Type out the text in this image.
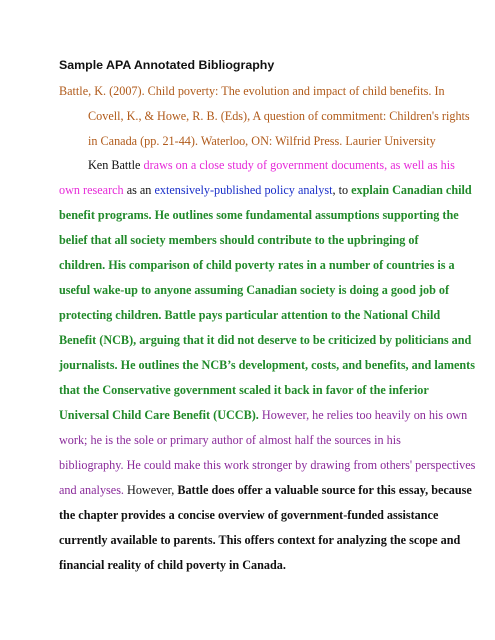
Sample APA Annotated Bibliography
Battle, K. (2007). Child poverty: The evolution and impact of child benefits. In
Covell, K., & Howe, R. B. (Eds), A question of commitment: Children's rights
in Canada (pp. 21-44). Waterloo, ON: Wilfrid Press. Laurier University
Ken Battle draws on a close study of government documents, as well as his
own research as an extensively-published policy analyst, to explain Canadian child
benefit programs. He outlines some fundamental assumptions supporting the
belief that all society members should contribute to the upbringing of
children. His comparison of child poverty rates in a number of countries is a
useful wake-up to anyone assuming Canadian society is doing a good job of
protecting children. Battle pays particular attention to the National Child
Benefit (NCB), arguing that it did not deserve to be criticized by politicians and
journalists. He outlines the NCB’s development, costs, and benefits, and laments
that the Conservative government scaled it back in favor of the inferior
Universal Child Care Benefit (UCCB). However, he relies too heavily on his own
work; he is the sole or primary author of almost half the sources in his
bibliography. He could make this work stronger by drawing from others' perspectives
and analyses. However, Battle does offer a valuable source for this essay, because
the chapter provides a concise overview of government-funded assistance
currently available to parents. This offers context for analyzing the scope and
financial reality of child poverty in Canada.
